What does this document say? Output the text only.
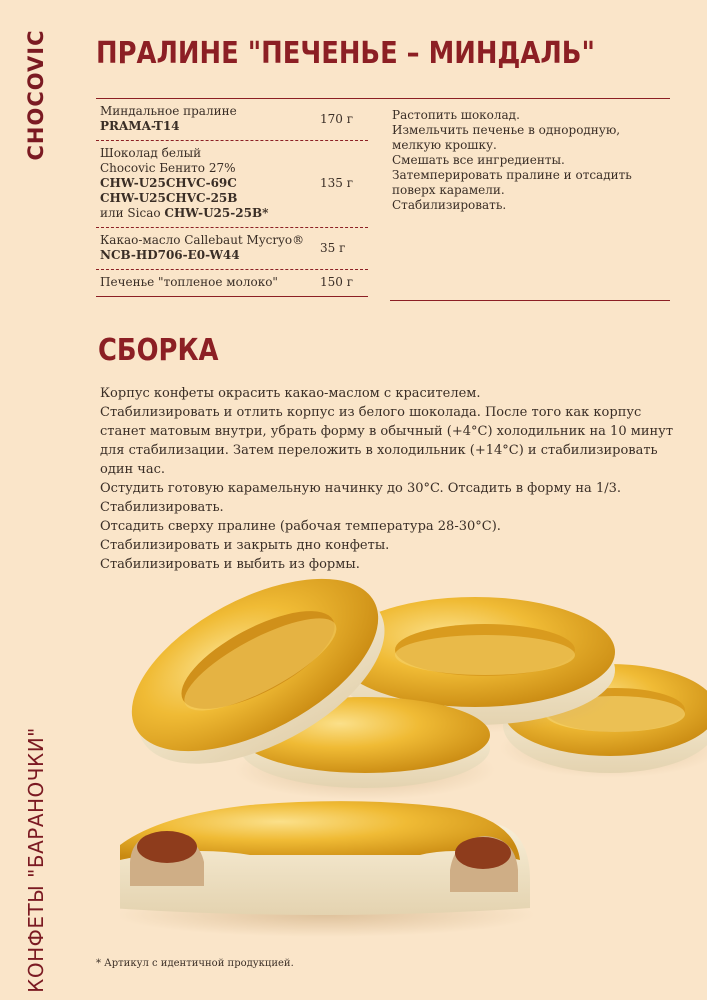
CHOCOVIC ПРАЛИНЕ "ПЕЧЕНЬЕ – МИНДАЛЬ"
Миндальное пралине
PRAMA-T14
170 г
Шоколад белый
Chocovic Бенито 27%
CHW-U25CHVC-69C
CHW-U25CHVC-25B
или Sicao CHW-U25-25B*
135 г
Какао-масло Callebaut Mycryo®
NCB-HD706-E0-W44
35 г
Печенье "топленое молоко"	150 г

Растопить шоколад.

Измельчить печенье в однородную, мелкую крошку.

Смешать все ингредиенты.

Затемперировать пралине и отсадить поверх карамели.

Стабилизировать.

СБОРКА

Корпус конфеты окрасить какао-маслом с красителем.

Стабилизировать и отлить корпус из белого шоколада. После того как корпус станет матовым внутри, убрать форму в обычный (+4°C) холодильник на 10 минут для стабилизации. Затем переложить в холодильник (+14°C) и стабилизировать один час.

Остудить готовую карамельную начинку до 30°C. Отсадить в форму на 1/3.

Стабилизировать.

Отсадить сверху пралине (рабочая температура 28-30°C).

Стабилизировать и закрыть дно конфеты.

Стабилизировать и выбить из формы.

КОНФЕТЫ "БАРАНОЧКИ"	* Артикул с идентичной продукцией.
